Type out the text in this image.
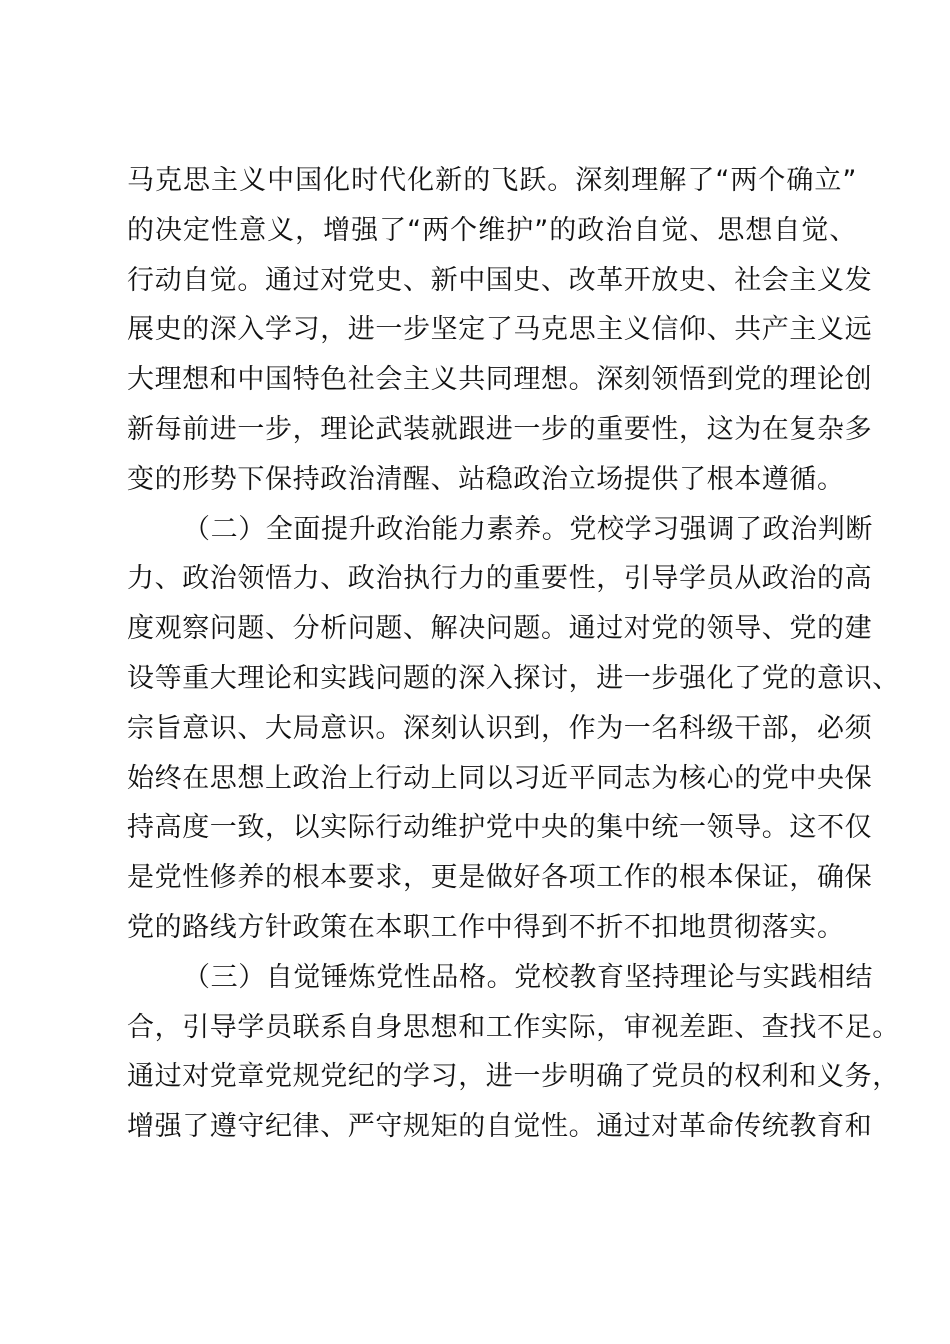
马克思主义中国化时代化新的飞跃。深刻理解了“两个确立”
的决定性意义，增强了“两个维护”的政治自觉、思想自觉、
行动自觉。通过对党史、新中国史、改革开放史、社会主义发
展史的深入学习，进一步坚定了马克思主义信仰、共产主义远
大理想和中国特色社会主义共同理想。深刻领悟到党的理论创
新每前进一步，理论武装就跟进一步的重要性，这为在复杂多
变的形势下保持政治清醒、站稳政治立场提供了根本遵循。
（二）全面提升政治能力素养。党校学习强调了政治判断
力、政治领悟力、政治执行力的重要性，引导学员从政治的高
度观察问题、分析问题、解决问题。通过对党的领导、党的建
设等重大理论和实践问题的深入探讨，进一步强化了党的意识、
宗旨意识、大局意识。深刻认识到，作为一名科级干部，必须
始终在思想上政治上行动上同以习近平同志为核心的党中央保
持高度一致，以实际行动维护党中央的集中统一领导。这不仅
是党性修养的根本要求，更是做好各项工作的根本保证，确保
党的路线方针政策在本职工作中得到不折不扣地贯彻落实。
（三）自觉锤炼党性品格。党校教育坚持理论与实践相结
合，引导学员联系自身思想和工作实际，审视差距、查找不足。
通过对党章党规党纪的学习，进一步明确了党员的权利和义务，
增强了遵守纪律、严守规矩的自觉性。通过对革命传统教育和
